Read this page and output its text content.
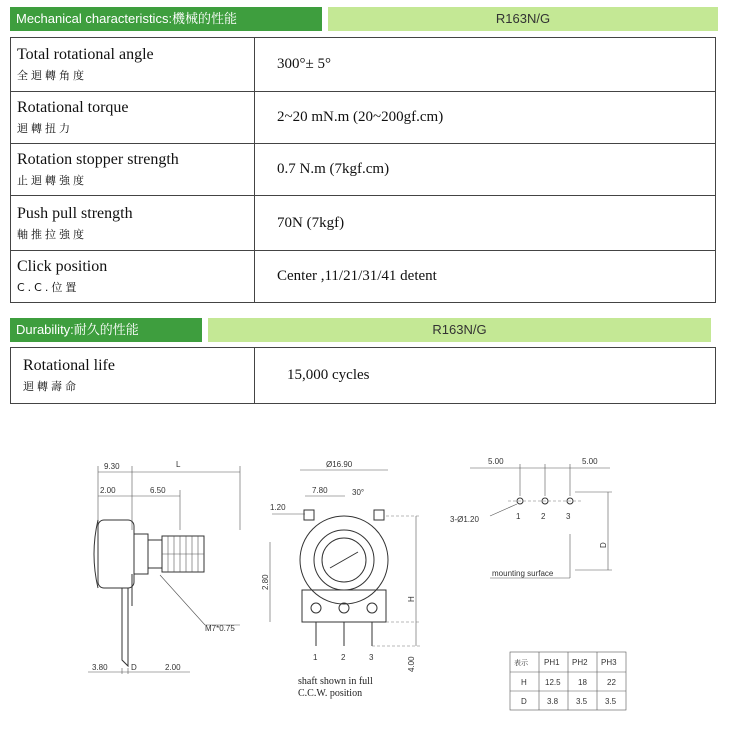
Mechanical characteristics:機械的性能	R163N/G
Total rotational angle
全迴轉角度	300°± 5°

Rotational torque
迴轉扭力	2~20 mN.m (20~200gf.cm)

Rotation stopper strength
止迴轉強度	0.7 N.m (7kgf.cm)

Push pull strength
軸推拉強度	70N (7kgf)

Click position
C.C.位置	Center ,11/21/31/41 detent
Durability:耐久的性能	R163N/G
Rotational life
迴轉壽命
	15,000 cycles
9.30	L
2.00	6.50
M7*0.75
3.80	D	2.00
Ø16.90
7.80	30°
1.20
1	2	3
2.80
H
4.00
shaft shown in full
C.C.W. position
5.00	5.00
1	2	3
3-Ø1.20
D
mounting surface
表示 PH1 PH2 PH3
H 12.5 18	22
D	3.8 3.5 3.5
